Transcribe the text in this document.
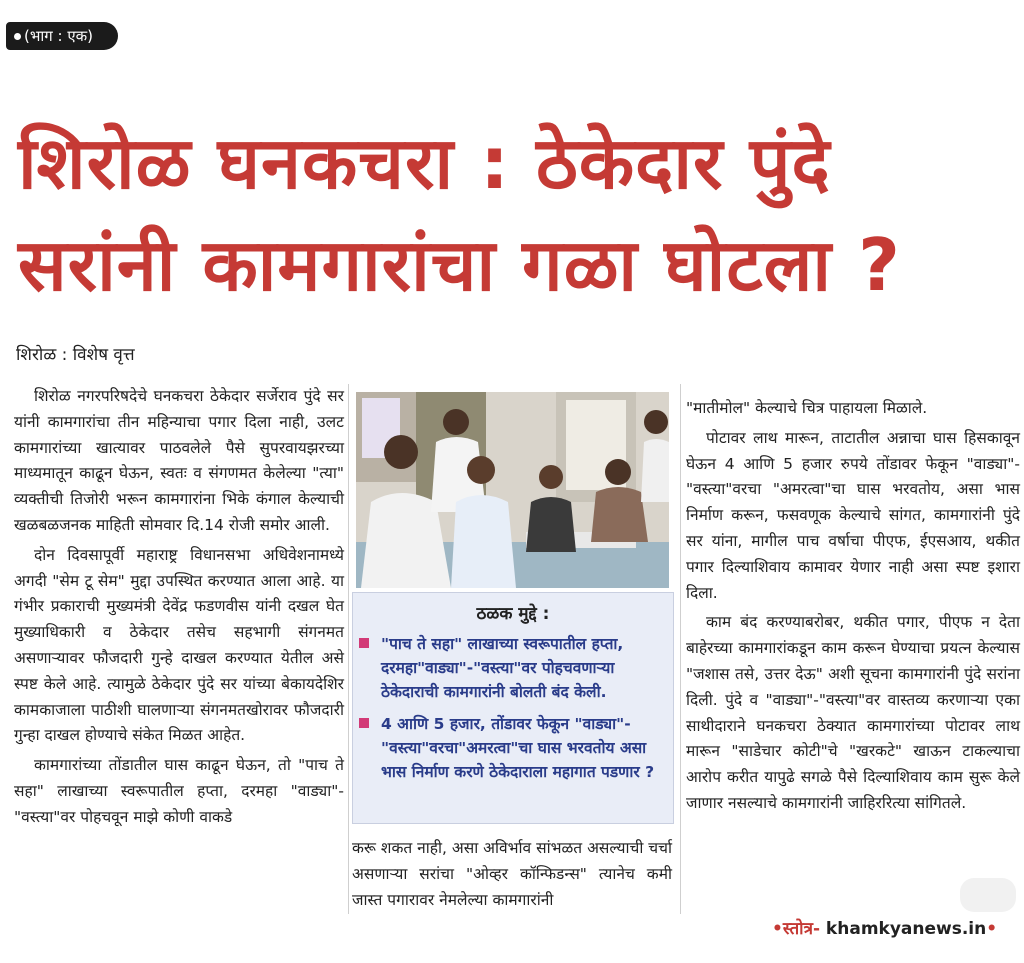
(भाग : एक)
शिरोळ घनकचरा : ठेकेदार पुंदे
सरांनी कामगारांचा गळा घोटला ?
शिरोळ : विशेष वृत्त

शिरोळ नगरपरिषदेचे घनकचरा ठेकेदार सर्जेराव पुंदे सर यांनी कामगारांचा तीन महिन्याचा पगार दिला नाही, उलट कामगारांच्या खात्यावर पाठवलेले पैसे सुपरवायझरच्या माध्यमातून काढून घेऊन, स्वतः व संगणमत केलेल्या "त्या" व्यक्तीची तिजोरी भरून कामगारांना भिके कंगाल केल्याची खळबळजनक माहिती सोमवार दि.14 रोजी समोर आली.

दोन दिवसापूर्वी महाराष्ट्र विधानसभा अधिवेशनामध्ये अगदी "सेम टू सेम" मुद्दा उपस्थित करण्यात आला आहे. या गंभीर प्रकाराची मुख्यमंत्री देवेंद्र फडणवीस यांनी दखल घेत मुख्याधिकारी व ठेकेदार तसेच सहभागी संगनमत असणाऱ्यावर फौजदारी गुन्हे दाखल करण्यात येतील असे स्पष्ट केले आहे. त्यामुळे ठेकेदार पुंदे सर यांच्या बेकायदेशिर कामकाजाला पाठीशी घालणाऱ्या संगनमतखोरावर फौजदारी गुन्हा दाखल होण्याचे संकेत मिळत आहेत.

कामगारांच्या तोंडातील घास काढून घेऊन, तो "पाच ते सहा" लाखाच्या स्वरूपातील हप्ता, दरमहा "वाड्या"-"वस्त्या"वर पोहचवून माझे कोणी वाकडे

ठळक मुद्दे :
"पाच ते सहा" लाखाच्या स्वरूपातील हप्ता, दरमहा"वाड्या"-"वस्त्या"वर पोहचवणाऱ्या ठेकेदाराची कामगारांनी बोलती बंद केली.
4 आणि 5 हजार, तोंडावर फेकून "वाड्या"-"वस्त्या"वरचा"अमरत्वा"चा घास भरवतोय असा भास निर्माण करणे ठेकेदाराला महागात पडणार ?

करू शकत नाही, असा अविर्भाव सांभळत असल्याची चर्चा असणाऱ्या सरांचा "ओव्हर कॉन्फिडन्स" त्यानेच कमी जास्त पगारावर नेमलेल्या कामगारांनी

"मातीमोल" केल्याचे चित्र पाहायला मिळाले.

पोटावर लाथ मारून, ताटातील अन्नाचा घास हिसकावून घेऊन 4 आणि 5 हजार रुपये तोंडावर फेकून "वाड्या"-"वस्त्या"वरचा "अमरत्वा"चा घास भरवतोय, असा भास निर्माण करून, फसवणूक केल्याचे सांगत, कामगारांनी पुंदे सर यांना, मागील पाच वर्षाचा पीएफ, ईएसआय, थकीत पगार दिल्याशिवाय कामावर येणार नाही असा स्पष्ट इशारा दिला.

काम बंद करण्याबरोबर, थकीत पगार, पीएफ न देता बाहेरच्या कामगारांकडून काम करून घेण्याचा प्रयत्न केल्यास "जशास तसे, उत्तर देऊ" अशी सूचना कामगारांनी पुंदे सरांना दिली. पुंदे व "वाड्या"-"वस्त्या"वर वास्तव्य करणाऱ्या एका साथीदाराने घनकचरा ठेक्यात कामगारांच्या पोटावर लाथ मारून "साडेचार कोटी"चे "खरकटे" खाऊन टाकल्याचा आरोप करीत यापुढे सगळे पैसे दिल्याशिवाय काम सुरू केले जाणार नसल्याचे कामगारांनी जाहिररित्या सांगितले.

•स्तोत्र- khamkyanews.in•
